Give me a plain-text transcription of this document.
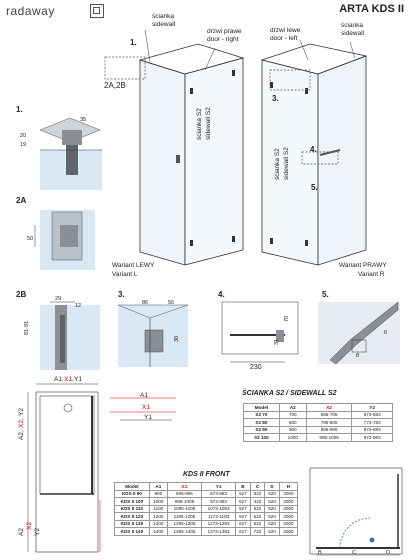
radaway	ARTA KDS II
ścianka
sidewall
drzwi prawe
door - right
drzwi lewe
door - left
ścianka
sidewall
ścianka S2 sidewall S2
ścianka S2 sidewall S2
1.
2A,2B
3.
4.
5.
Wariant LEWY
Variant L
Wariant PRAWY
Variant R
1.
35
20
19
2A
50
2B	29
12
81-91
3.
86	56
30
4.
70
31
230
5.
8
6
A1, X1, Y1
A2,
X2,
Y2
A1
X1
Y1
A2
X2
Y2
ŚCIANKA S2 / SIDEWALL S2
Model	A2	X2	Y2
S2 70	700	695-705	673-683
S2 80	800	795-805	773-783
S2 90	900	895-905	873-883
S2 100	1000	995-1005	973-983
KDS II FRONT
Model	A1	X1	Y1	B	C	D	H
KDS II 90	900	895-905	873-883	527	322	520	2000
KDS II 100	1000	995-1005	973-983	527	422	520	2000
KDS II 110	1100	1095-1105	1073-1083	527	522	520	2000
KDS II 120	1200	1195-1205	1173-1183	527	522	520	2000
KDS II 130	1300	1295-1305	1273-1283	627	522	620	2000
KDS II 140	1400	1395-1405	1373-1383	627	722	620	2000
B	C	D
